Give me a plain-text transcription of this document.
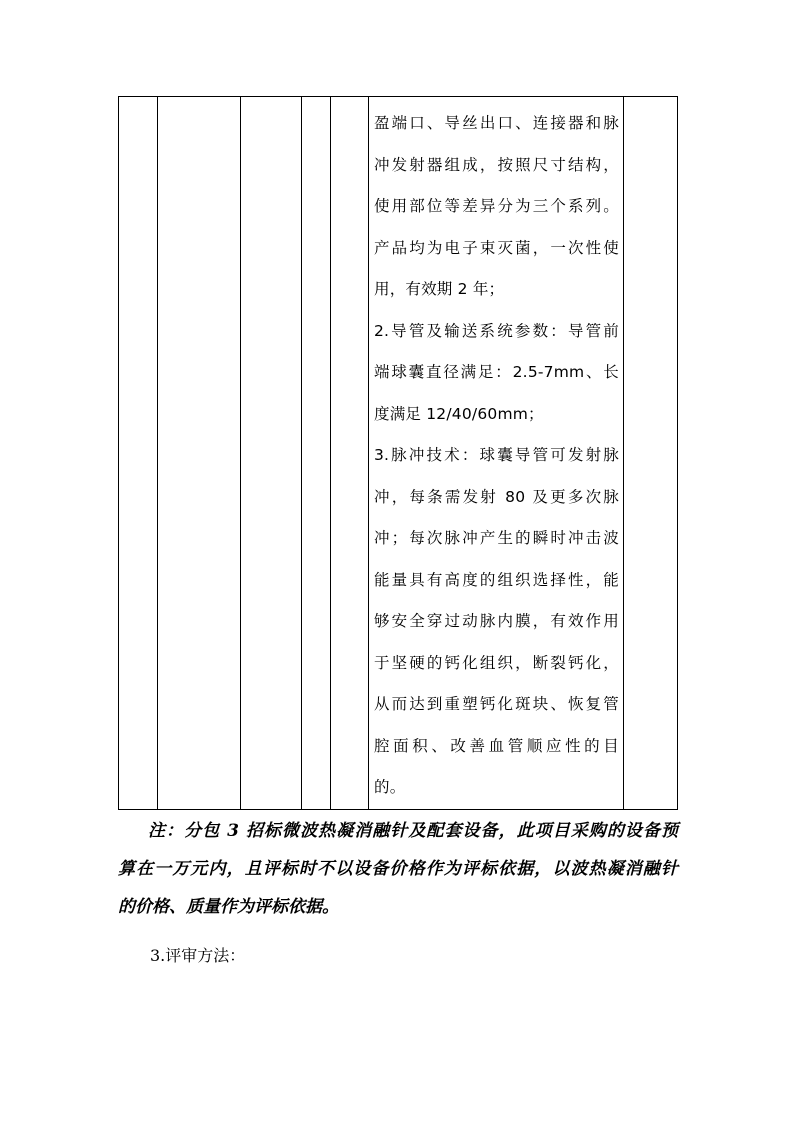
盈端口、导丝出口、连接器和脉
冲发射器组成，按照尺寸结构，
使用部位等差异分为三个系列。
产品均为电子束灭菌，一次性使
用，有效期 2 年；
2.导管及输送系统参数：导管前
端球囊直径满足：2.5-7mm、长
度满足 12/40/60mm；
3.脉冲技术：球囊导管可发射脉
冲，每条需发射 80 及更多次脉
冲；每次脉冲产生的瞬时冲击波
能量具有高度的组织选择性，能
够安全穿过动脉内膜，有效作用
于坚硬的钙化组织，断裂钙化，
从而达到重塑钙化斑块、恢复管
腔面积、改善血管顺应性的目
的。

注：分包 3 招标微波热凝消融针及配套设备，此项目采购的设备预
算在一万元内，且评标时不以设备价格作为评标依据，以波热凝消融针
的价格、质量作为评标依据。
3.评审方法：
